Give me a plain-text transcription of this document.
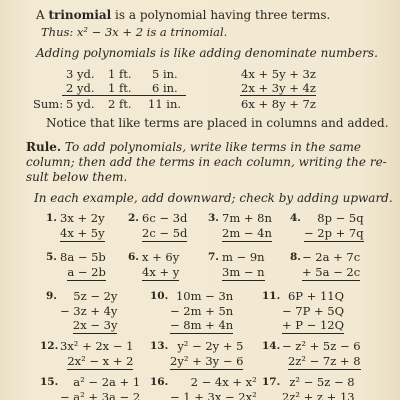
A trinomial is a polynomial having three terms.
Thus: x² − 3x + 2 is a trinomial.
Adding polynomials is like adding denominate numbers.
3 yd. 1 ft. 5 in.	4x + 5y + 3z
2 yd. 1 ft. 6 in.	2x + 3y + 4z
Sum: 5 yd. 2 ft. 11 in.	6x + 8y + 7z
Notice that like terms are placed in columns and added.
Rule. To add polynomials, write like terms in the same
column; then add the terms in each column, writing the re-
sult below them.
In each example, add downward; check by adding upward.
1. 3x + 2y
4x + 5y
2. 6c − 3d
2c − 5d
3. 7m + 8n
2m − 4n
4.	8p − 5q
− 2p + 7q
5. 8a − 5b
a − 2b
6. x + 6y
4x + y
7. m − 9n
3m − n
8. − 2a + 7c
+ 5a − 2c
9.	5z − 2y
− 3z + 4y
2x − 3y
10. 10m − 3n
− 2m + 5n
− 8m + 4n
11. 6P + 11Q
− 7P + 5Q
+ P − 12Q
12. 3x² + 2x − 1
2x² − x + 2
13. y² − 2y + 5
2y² + 3y − 6
14. − z² + 5z − 6
2z² − 7z + 8
15.	a² − 2a + 1
− a² + 3a − 2
16.	2 − 4x + x²
− 1 + 3x − 2x²
17. z² − 5z − 8
2z² + z + 13
